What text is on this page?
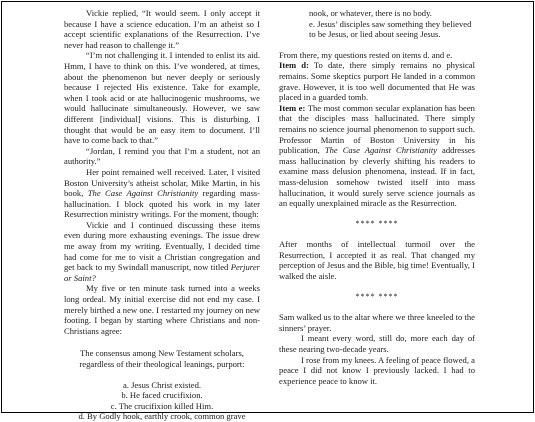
Vickie replied, “It would seem. I only accept it because I have a science education. I’m an atheist so I accept scientific explanations of the Resurrection. I’ve never had reason to challenge it.”

“I’m not challenging it. I intended to enlist its aid. Hmm, I have to think on this. I’ve wondered, at times, about the phenomenon but never deeply or seriously because I rejected His existence. Take for example, when I took acid or ate hallucinogenic mushrooms, we would hallucinate simultaneously. However, we saw different [individual] visions. This is disturbing. I thought that would be an easy item to document. I’ll have to come back to that.”

“Jordan, I remind you that I’m a student, not an authority.”

Her point remained well received. Later, I visited Boston University’s atheist scholar, Mike Martin, in his book, The Case Against Christianity regarding mass-hallucination. I block quoted his work in my later Resurrection ministry writings. For the moment, though:

Vickie and I continued discussing these items even during more exhausting evenings. The issue drew me away from my writing. Eventually, I decided time had come for me to visit a Christian congregation and get back to my Swindall manuscript, now titled Perjurer or Saint?

My five or ten minute task turned into a weeks long ordeal. My initial exercise did not end my case. I merely birthed a new one. I restarted my journey on new footing. I began by starting where Christians and non-Christians agree:

The consensus among New Testament scholars, regardless of their theological leanings, purport:

a. Jesus Christ existed.

b. He faced crucifixion.

c. The crucifixion killed Him.

d. By Godly hook, earthly crook, common grave

nook, or whatever, there is no body.

e. Jesus’ disciples saw something they believed to be Jesus, or lied about seeing Jesus.

From there, my questions rested on items d. and e.

Item d: To date, there simply remains no physical remains. Some skeptics purport He landed in a common grave. However, it is too well documented that He was placed in a guarded tomb.

Item e: The most common secular explanation has been that the disciples mass hallucinated. There simply remains no science journal phenomenon to support such. Professor Martin of Boston University in his publication, The Case Against Christianity addresses mass hallucination by cleverly shifting his readers to examine mass delusion phenomena, instead. If in fact, mass-delusion somehow twisted itself into mass hallucination, it would surely serve science journals as an equally unexplained miracle as the Resurrection.

**** ****

After months of intellectual turmoil over the Resurrection, I accepted it as real. That changed my perception of Jesus and the Bible, big time! Eventually, I walked the aisle.

**** ****

Sam walked us to the altar where we three kneeled to the sinners’ prayer.

I meant every word, still do, more each day of these nearing two-decade years.

I rose from my knees. A feeling of peace flowed, a peace I did not know I previously lacked. I had to experience peace to know it.
